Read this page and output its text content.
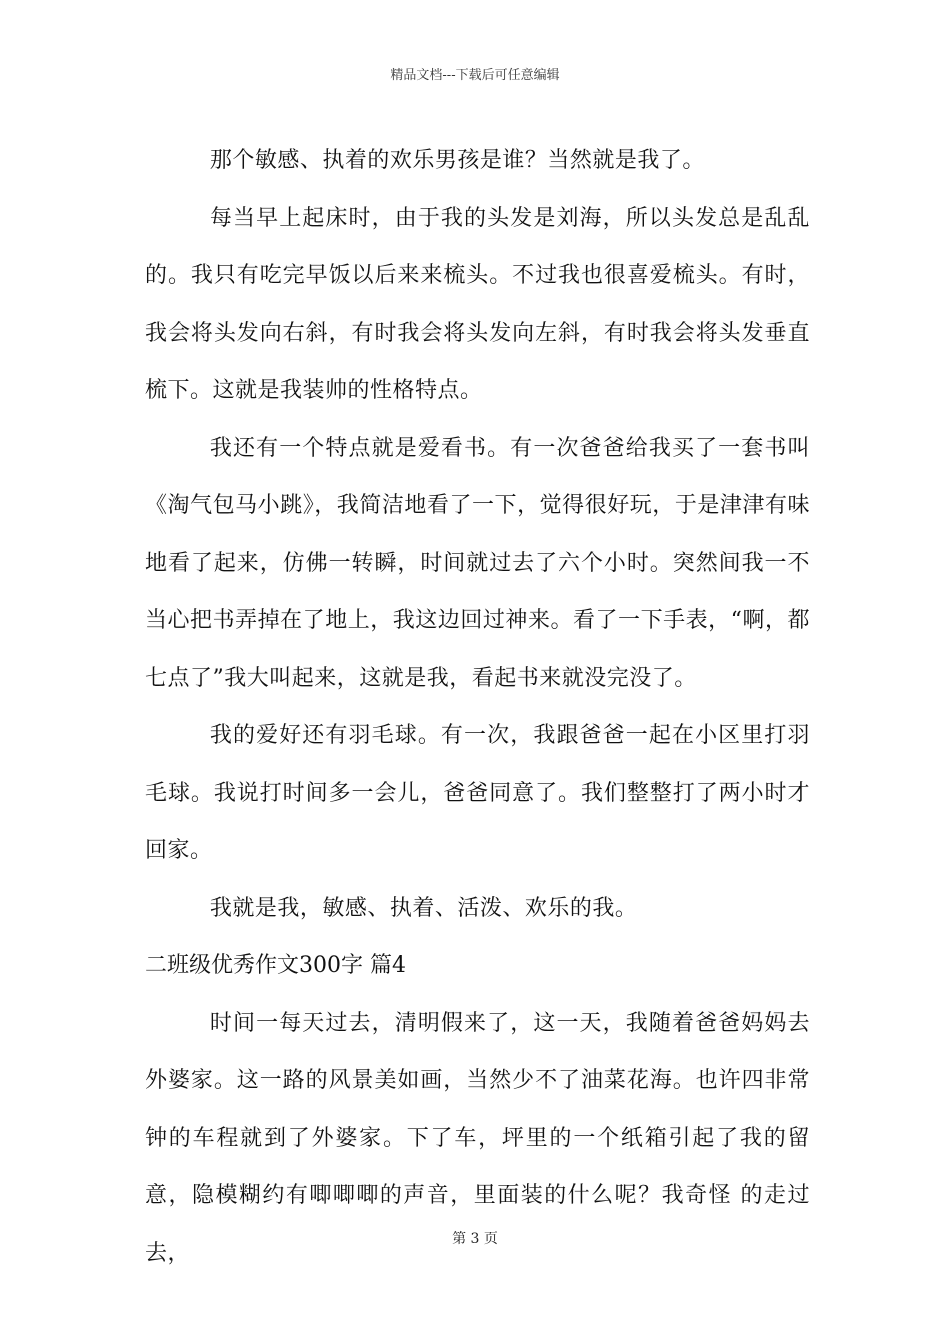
精品文档---下载后可任意编辑

那个敏感、执着的欢乐男孩是谁？当然就是我了。

每当早上起床时，由于我的头发是刘海，所以头发总是乱乱的。我只有吃完早饭以后来来梳头。不过我也很喜爱梳头。有时，我会将头发向右斜，有时我会将头发向左斜，有时我会将头发垂直梳下。这就是我装帅的性格特点。

我还有一个特点就是爱看书。有一次爸爸给我买了一套书叫《淘气包马小跳》，我简洁地看了一下，觉得很好玩，于是津津有味地看了起来，仿佛一转瞬，时间就过去了六个小时。突然间我一不当心把书弄掉在了地上，我这边回过神来。看了一下手表，“啊，都七点了”我大叫起来，这就是我，看起书来就没完没了。

我的爱好还有羽毛球。有一次，我跟爸爸一起在小区里打羽毛球。我说打时间多一会儿，爸爸同意了。我们整整打了两小时才回家。

我就是我，敏感、执着、活泼、欢乐的我。

二班级优秀作文300字 篇4

时间一每天过去，清明假来了，这一天，我随着爸爸妈妈去外婆家。这一路的风景美如画，当然少不了油菜花海。也许四非常钟的车程就到了外婆家。下了车，坪里的一个纸箱引起了我的留意，隐模糊约有唧唧唧的声音，里面装的什么呢？我奇怪 的走过去，

第 3 页
